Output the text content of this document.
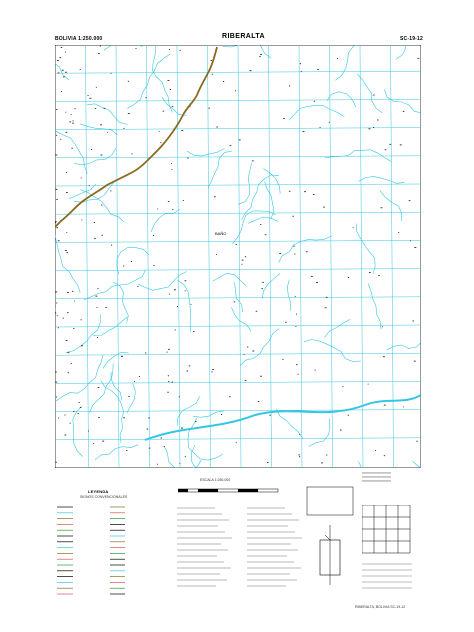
BOLIVIA 1:250.000	RIBERALTA	SC-19-12
BAÑO
━━━━━━━━━━━━━━━━
━━━━━━━━━━━━━━━━
━━━━━━━━━━━━━━━━
ESCALA 1:250.000
LEYENDA
SIGNOS CONVENCIONALES
RIBERALTA, BOLIVIA SC-19-12
